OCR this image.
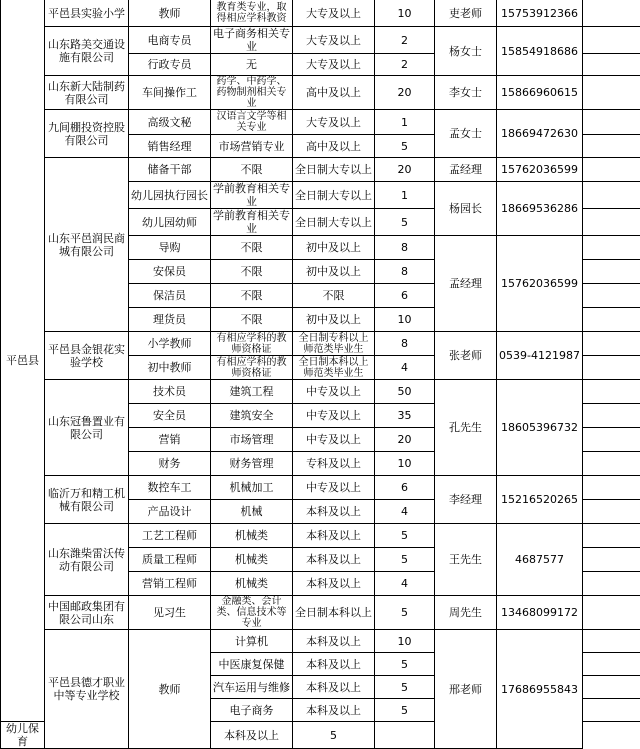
平邑县	平邑县实验小学	教师	教育类专业，取得相应学科教资	大专及以上	10	吏老师	15753912366	
	山东路美交通设施有限公司	电商专员	电子商务相关专业	大专及以上	2	杨女士	15854918686	
		行政专员	无	大专及以上	2			
	山东新大陆制药有限公司	车间操作工	药学、中药学、药物制剂相关专业	高中及以上	20	李女士	15866960615	
	九间棚投资控股有限公司	高级文秘	汉语言文学等相关专业	大专及以上	1	孟女士	18669472630	
		销售经理	市场营销专业	高中及以上	5			
	山东平邑润民商城有限公司	储备干部	不限	全日制大专以上	20	孟经理	15762036599	
		幼儿园执行园长	学前教育相关专业	全日制大专以上	1	杨园长	18669536286	
		幼儿园幼师	学前教育相关专业	全日制大专以上	5			
		导购	不限	初中及以上	8	孟经理	15762036599	
		安保员	不限	初中及以上	8			
		保洁员	不限	不限	6			
		理货员	不限	初中及以上	10			
	平邑县金银花实验学校	小学教师	有相应学科的教师资格证	全日制专科以上师范类毕业生	8	张老师	0539-4121987	
		初中教师	有相应学科的教师资格证	全日制本科以上师范类毕业生	4			
	山东冠鲁置业有限公司	技术员	建筑工程	中专及以上	50	孔先生	18605396732	
		安全员	建筑安全	中专及以上	35			
		营销	市场管理	中专及以上	20			
		财务	财务管理	专科及以上	10			
	临沂万和精工机械有限公司	数控车工	机械加工	中专及以上	6	李经理	15216520265	
		产品设计	机械	本科及以上	4			
	山东潍柴雷沃传动有限公司	工艺工程师	机械类	本科及以上	5	王先生	4687577	
		质量工程师	机械类	本科及以上	5			
		营销工程师	机械类	本科及以上	4			
	中国邮政集团有限公司山东	见习生	金融类、会计类、信息技术等专业	全日制本科以上	5	周先生	13468099172	
	平邑县德才职业中等专业学校	教师	计算机	本科及以上	10	邢老师	17686955843	
			中医康复保健	本科及以上	5			
			汽车运用与维修	本科及以上	5			
			电子商务	本科及以上	5			
幼儿保育			本科及以上	5				
